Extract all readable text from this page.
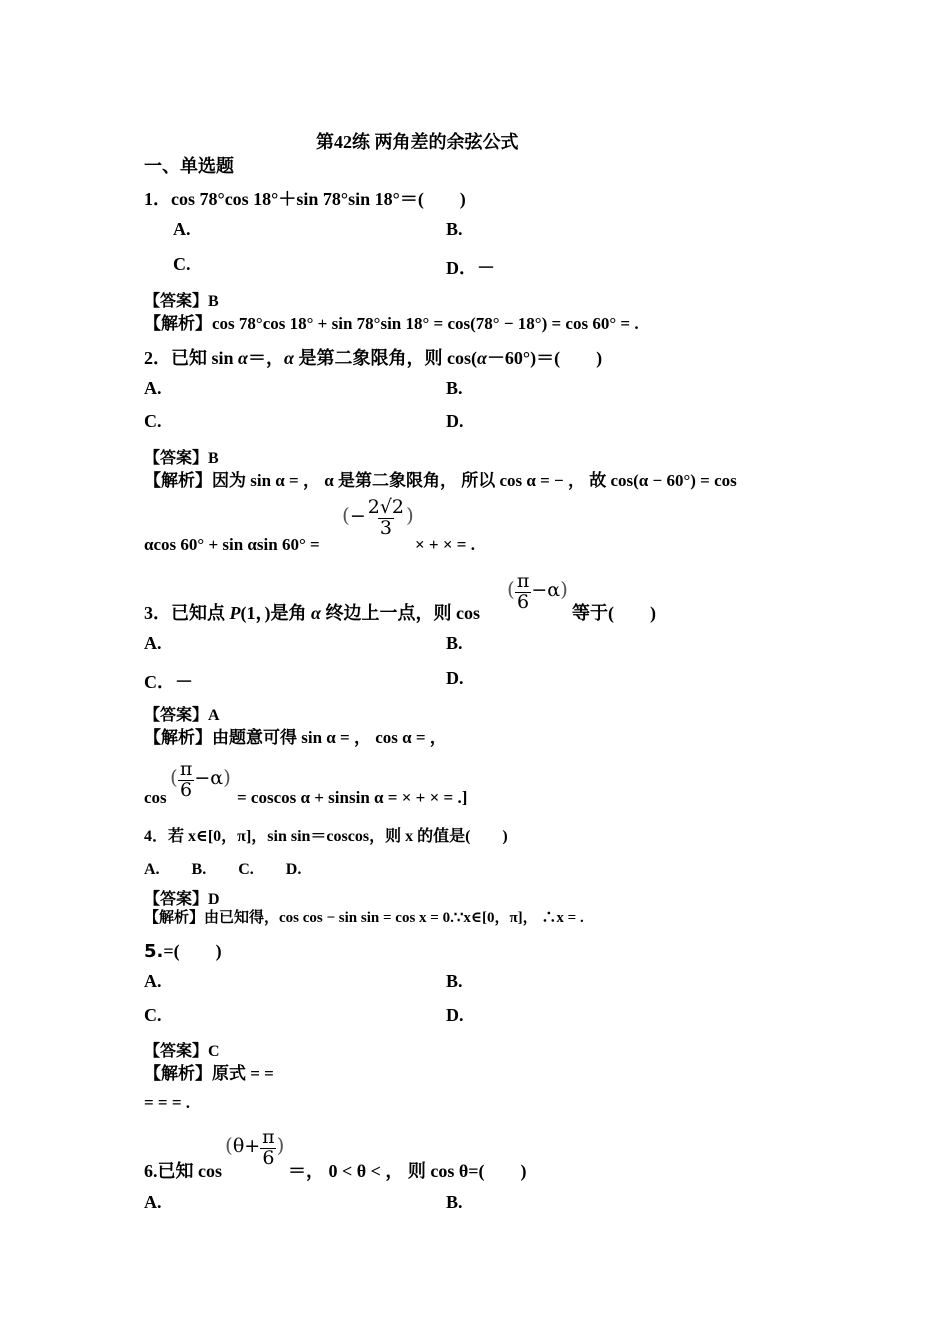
第42练 两角差的余弦公式
一、单选题
1．cos 78°cos 18°＋sin 78°sin 18°＝(　　)
A.	B.
C.	D．－
【答案】B
【解析】cos 78°cos 18° + sin 78°sin 18° = cos(78° − 18°) = cos 60° = .
2．已知 sin α＝，α 是第二象限角，则 cos(α－60°)＝(　　)
A.	B.
C.	D.
【答案】B
【解析】因为 sin α = ， α 是第二象限角， 所以 cos α = − ， 故 cos(α − 60°) = cos
αcos 60° + sin αsin 60° =
(− $\frac{2√2}{3}$ )
× + × = .
3．已知点 P(1，)是角 α 终边上一点，则 cos
( $\frac{\pi}{6} -\alpha$)
等于(　　)
A.	B.
C．－	D.
【答案】A
【解析】由题意可得 sin α = ， cos α = ，
cos
( $\frac{\pi}{6} -\alpha$)
= coscos α + sinsin α = × + × = .]
4．若 x∈[0，π]，sin sin＝coscos，则 x 的值是(　　)
A.　　B.　　C.　　D.
【答案】D
【解析】由已知得，cos cos − sin sin = cos x = 0.∵x∈[0，π]， ∴x = .
5.=(　　)
A.	B.
C.	D.
【答案】C
【解析】原式 = =
= = = .
6.已知 cos
($\theta+ \frac{\pi}{6}$ )
＝， 0 < θ < ， 则 cos θ=(　　)
A.	B.
